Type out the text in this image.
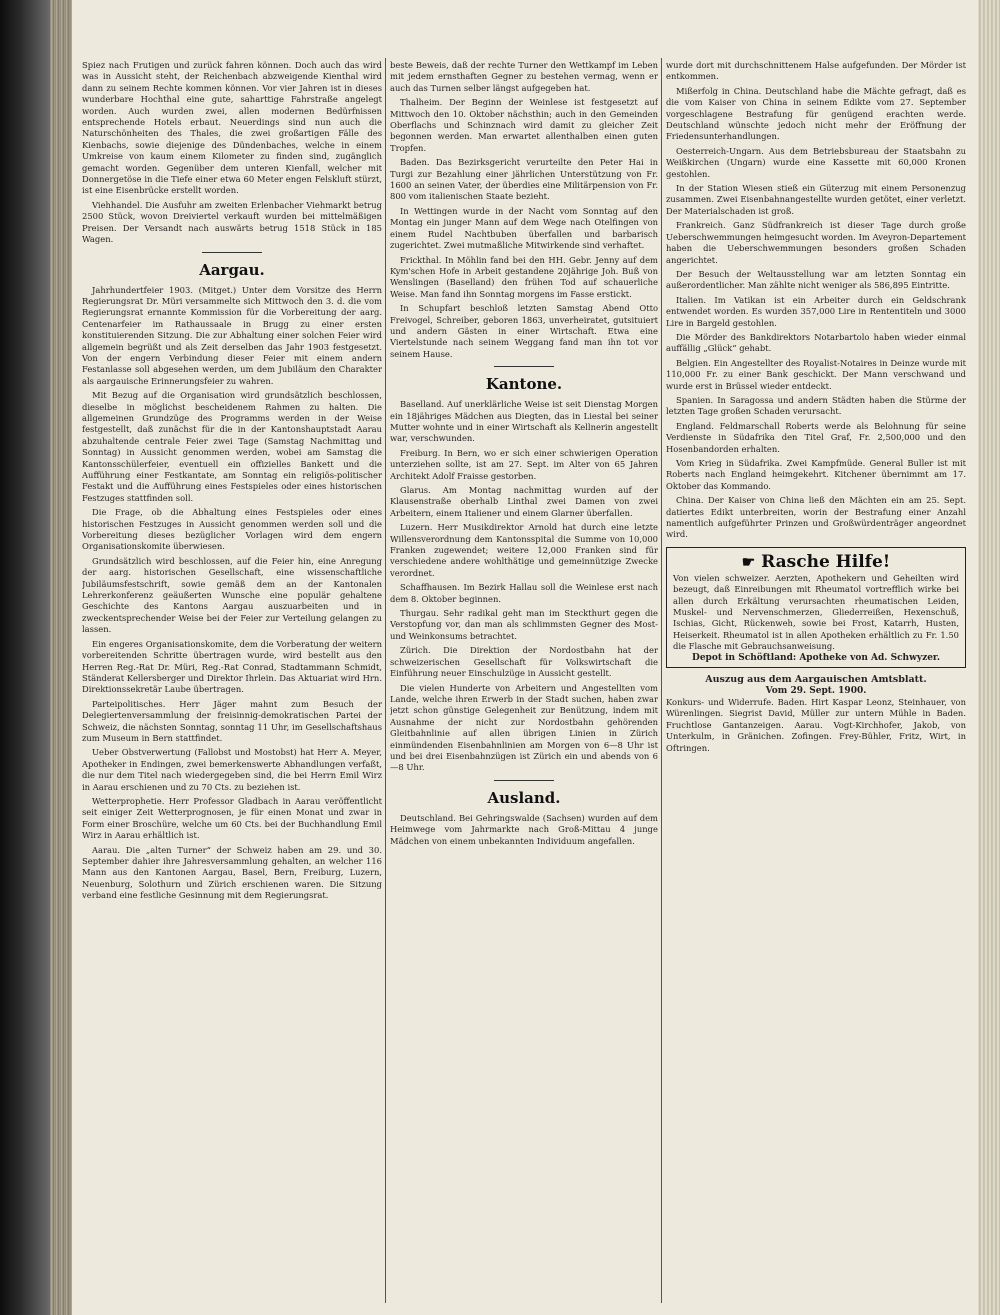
Spiez nach Frutigen und zurück fahren können. Doch auch das wird was in Aussicht steht, der Reichenbach abzweigende Kienthal wird dann zu seinem Rechte kommen können. Vor vier Jahren ist in dieses wunderbare Hochthal eine gute, saharttige Fahrstraße angelegt worden. Auch wurden zwei, allen modernen Bedürfnissen entsprechende Hotels erbaut. Neuerdings sind nun auch die Naturschönheiten des Thales, die zwei großartigen Fälle des Kienbachs, sowie diejenige des Dündenbaches, welche in einem Umkreise von kaum einem Kilometer zu finden sind, zugänglich gemacht worden. Gegenüber dem unteren Kienfall, welcher mit Donnergetöse in die Tiefe einer etwa 60 Meter engen Felskluft stürzt, ist eine Eisenbrücke erstellt worden.

Viehhandel. Die Ausfuhr am zweiten Erlenbacher Viehmarkt betrug 2500 Stück, wovon Dreiviertel verkauft wurden bei mittelmäßigen Preisen. Der Versandt nach auswärts betrug 1518 Stück in 185 Wagen.

Aargau.

Jahrhundertfeier 1903. (Mitget.) Unter dem Vorsitze des Herrn Regierungsrat Dr. Müri versammelte sich Mittwoch den 3. d. die vom Regierungsrat ernannte Kommission für die Vorbereitung der aarg. Centenarfeier im Rathaussaale in Brugg zu einer ersten konstituierenden Sitzung. Die zur Abhaltung einer solchen Feier wird allgemein begrüßt und als Zeit derselben das Jahr 1903 festgesetzt. Von der engern Verbindung dieser Feier mit einem andern Festanlasse soll abgesehen werden, um dem Jubiläum den Charakter als aargauische Erinnerungsfeier zu wahren.

Mit Bezug auf die Organisation wird grundsätzlich beschlossen, dieselbe in möglichst bescheidenem Rahmen zu halten. Die allgemeinen Grundzüge des Programms werden in der Weise festgestellt, daß zunächst für die in der Kantonshauptstadt Aarau abzuhaltende centrale Feier zwei Tage (Samstag Nachmittag und Sonntag) in Aussicht genommen werden, wobei am Samstag die Kantonsschülerfeier, eventuell ein offizielles Bankett und die Aufführung einer Festkantate, am Sonntag ein religiös-politischer Festakt und die Aufführung eines Festspieles oder eines historischen Festzuges stattfinden soll.

Die Frage, ob die Abhaltung eines Festspieles oder eines historischen Festzuges in Aussicht genommen werden soll und die Vorbereitung dieses bezüglicher Vorlagen wird dem engern Organisationskomite überwiesen.

Grundsätzlich wird beschlossen, auf die Feier hin, eine Anregung der aarg. historischen Gesellschaft, eine wissenschaftliche Jubiläumsfestschrift, sowie gemäß dem an der Kantonalen Lehrerkonferenz geäußerten Wunsche eine populär gehaltene Geschichte des Kantons Aargau auszuarbeiten und in zweckentsprechender Weise bei der Feier zur Verteilung gelangen zu lassen.

Ein engeres Organisationskomite, dem die Vorberatung der weitern vorbereitenden Schritte übertragen wurde, wird bestellt aus den Herren Reg.-Rat Dr. Müri, Reg.-Rat Conrad, Stadtammann Schmidt, Ständerat Kellersberger und Direktor Ihrlein. Das Aktuariat wird Hrn. Direktionssekretär Laube übertragen.

Parteipolitisches. Herr Jäger mahnt zum Besuch der Delegiertenversammlung der freisinnig-demokratischen Partei der Schweiz, die nächsten Sonntag, sonntag 11 Uhr, im Gesellschaftshaus zum Museum in Bern stattfindet.

Ueber Obstverwertung (Fallobst und Mostobst) hat Herr A. Meyer, Apotheker in Endingen, zwei bemerkenswerte Abhandlungen verfaßt, die nur dem Titel nach wiedergegeben sind, die bei Herrn Emil Wirz in Aarau erschienen und zu 70 Cts. zu beziehen ist.

Wetterprophetie. Herr Professor Gladbach in Aarau veröffentlicht seit einiger Zeit Wetterprognosen, je für einen Monat und zwar in Form einer Broschüre, welche um 60 Cts. bei der Buchhandlung Emil Wirz in Aarau erhältlich ist.

Aarau. Die „alten Turner“ der Schweiz haben am 29. und 30. September dahier ihre Jahresversammlung gehalten, an welcher 116 Mann aus den Kantonen Aargau, Basel, Bern, Freiburg, Luzern, Neuenburg, Solothurn und Zürich erschienen waren. Die Sitzung verband eine festliche Gesinnung mit dem Regierungsrat.

beste Beweis, daß der rechte Turner den Wettkampf im Leben mit jedem ernsthaften Gegner zu bestehen vermag, wenn er auch das Turnen selber längst aufgegeben hat.

Thalheim. Der Beginn der Weinlese ist festgesetzt auf Mittwoch den 10. Oktober nächsthin; auch in den Gemeinden Oberflachs und Schinznach wird damit zu gleicher Zeit begonnen werden. Man erwartet allenthalben einen guten Tropfen.

Baden. Das Bezirksgericht verurteilte den Peter Hai in Turgi zur Bezahlung einer jährlichen Unterstützung von Fr. 1600 an seinen Vater, der überdies eine Militärpension von Fr. 800 vom italienischen Staate bezieht.

In Wettingen wurde in der Nacht vom Sonntag auf den Montag ein junger Mann auf dem Wege nach Otelfingen von einem Rudel Nachtbuben überfallen und barbarisch zugerichtet. Zwei mutmaßliche Mitwirkende sind verhaftet.

Frickthal. In Möhlin fand bei den HH. Gebr. Jenny auf dem Kym'schen Hofe in Arbeit gestandene 20jährige Joh. Buß von Wenslingen (Baselland) den frühen Tod auf schauerliche Weise. Man fand ihn Sonntag morgens im Fasse erstickt.

In Schupfart beschloß letzten Samstag Abend Otto Freivogel, Schreiber, geboren 1863, unverheiratet, gutsituiert und andern Gästen in einer Wirtschaft. Etwa eine Viertelstunde nach seinem Weggang fand man ihn tot vor seinem Hause.

Kantone.

Baselland. Auf unerklärliche Weise ist seit Dienstag Morgen ein 18jähriges Mädchen aus Diegten, das in Liestal bei seiner Mutter wohnte und in einer Wirtschaft als Kellnerin angestellt war, verschwunden.

Freiburg. In Bern, wo er sich einer schwierigen Operation unterziehen sollte, ist am 27. Sept. im Alter von 65 Jahren Architekt Adolf Fraisse gestorben.

Glarus. Am Montag nachmittag wurden auf der Klausenstraße oberhalb Linthal zwei Damen von zwei Arbeitern, einem Italiener und einem Glarner überfallen.

Luzern. Herr Musikdirektor Arnold hat durch eine letzte Willensverordnung dem Kantonsspital die Summe von 10,000 Franken zugewendet; weitere 12,000 Franken sind für verschiedene andere wohlthätige und gemeinnützige Zwecke verordnet.

Schaffhausen. Im Bezirk Hallau soll die Weinlese erst nach dem 8. Oktober beginnen.

Thurgau. Sehr radikal geht man im Steckthurt gegen die Verstopfung vor, dan man als schlimmsten Gegner des Most- und Weinkonsums betrachtet.

Zürich. Die Direktion der Nordostbahn hat der schweizerischen Gesellschaft für Volkswirtschaft die Einführung neuer Einschulzüge in Aussicht gestellt.

Die vielen Hunderte von Arbeitern und Angestellten vom Lande, welche ihren Erwerb in der Stadt suchen, haben zwar jetzt schon günstige Gelegenheit zur Benützung, indem mit Ausnahme der nicht zur Nordostbahn gehörenden Gleitbahnlinie auf allen übrigen Linien in Zürich einmündenden Eisenbahnlinien am Morgen von 6—8 Uhr ist und bei drei Eisenbahnzügen ist Zürich ein und abends von 6—8 Uhr.

Ausland.

Deutschland. Bei Gehringswalde (Sachsen) wurden auf dem Heimwege vom Jahrmarkte nach Groß-Mittau 4 junge Mädchen von einem unbekannten Individuum angefallen.

wurde dort mit durchschnittenem Halse aufgefunden. Der Mörder ist entkommen.

Mißerfolg in China. Deutschland habe die Mächte gefragt, daß es die vom Kaiser von China in seinem Edikte vom 27. September vorgeschlagene Bestrafung für genügend erachten werde. Deutschland wünschte jedoch nicht mehr der Eröffnung der Friedensunterhandlungen.

Oesterreich-Ungarn. Aus dem Betriebsbureau der Staatsbahn zu Weißkirchen (Ungarn) wurde eine Kassette mit 60,000 Kronen gestohlen.

In der Station Wiesen stieß ein Güterzug mit einem Personenzug zusammen. Zwei Eisenbahnangestellte wurden getötet, einer verletzt. Der Materialschaden ist groß.

Frankreich. Ganz Südfrankreich ist dieser Tage durch große Ueberschwemmungen heimgesucht worden. Im Aveyron-Departement haben die Ueberschwemmungen besonders großen Schaden angerichtet.

Der Besuch der Weltausstellung war am letzten Sonntag ein außerordentlicher. Man zählte nicht weniger als 586,895 Eintritte.

Italien. Im Vatikan ist ein Arbeiter durch ein Geldschrank entwendet worden. Es wurden 357,000 Lire in Rententiteln und 3000 Lire in Bargeld gestohlen.

Die Mörder des Bankdirektors Notarbartolo haben wieder einmal auffällig „Glück“ gehabt.

Belgien. Ein Angestellter des Royalist-Notaires in Deinze wurde mit 110,000 Fr. zu einer Bank geschickt. Der Mann verschwand und wurde erst in Brüssel wieder entdeckt.

Spanien. In Saragossa und andern Städten haben die Stürme der letzten Tage großen Schaden verursacht.

England. Feldmarschall Roberts werde als Belohnung für seine Verdienste in Südafrika den Titel Graf, Fr. 2,500,000 und den Hosenbandorden erhalten.

Vom Krieg in Südafrika. Zwei Kampfmüde. General Buller ist mit Roberts nach England heimgekehrt. Kitchener übernimmt am 17. Oktober das Kommando.

China. Der Kaiser von China ließ den Mächten ein am 25. Sept. datiertes Edikt unterbreiten, worin der Bestrafung einer Anzahl namentlich aufgeführter Prinzen und Großwürdenträger angeordnet wird.

☛ Rasche Hilfe!
Von vielen schweizer. Aerzten, Apothekern und Geheilten wird bezeugt, daß Einreibungen mit Rheumatol vortrefflich wirke bei allen durch Erkältung verursachten rheumatischen Leiden, Muskel- und Nervenschmerzen, Gliederreißen, Hexenschuß, Ischias, Gicht, Rückenweh, sowie bei Frost, Katarrh, Husten, Heiserkeit. Rheumatol ist in allen Apotheken erhältlich zu Fr. 1.50 die Flasche mit Gebrauchsanweisung.
Depot in Schöftland: Apotheke von Ad. Schwyzer.
Auszug aus dem Aargauischen Amtsblatt.
Vom 29. Sept. 1900.

Konkurs- und Widerrufe. Baden. Hirt Kaspar Leonz, Steinhauer, von Würenlingen. Siegrist David, Müller zur untern Mühle in Baden. Fruchtlose Gantanzeigen. Aarau. Vogt-Kirchhofer, Jakob, von Unterkulm, in Gränichen. Zofingen. Frey-Bühler, Fritz, Wirt, in Oftringen.
